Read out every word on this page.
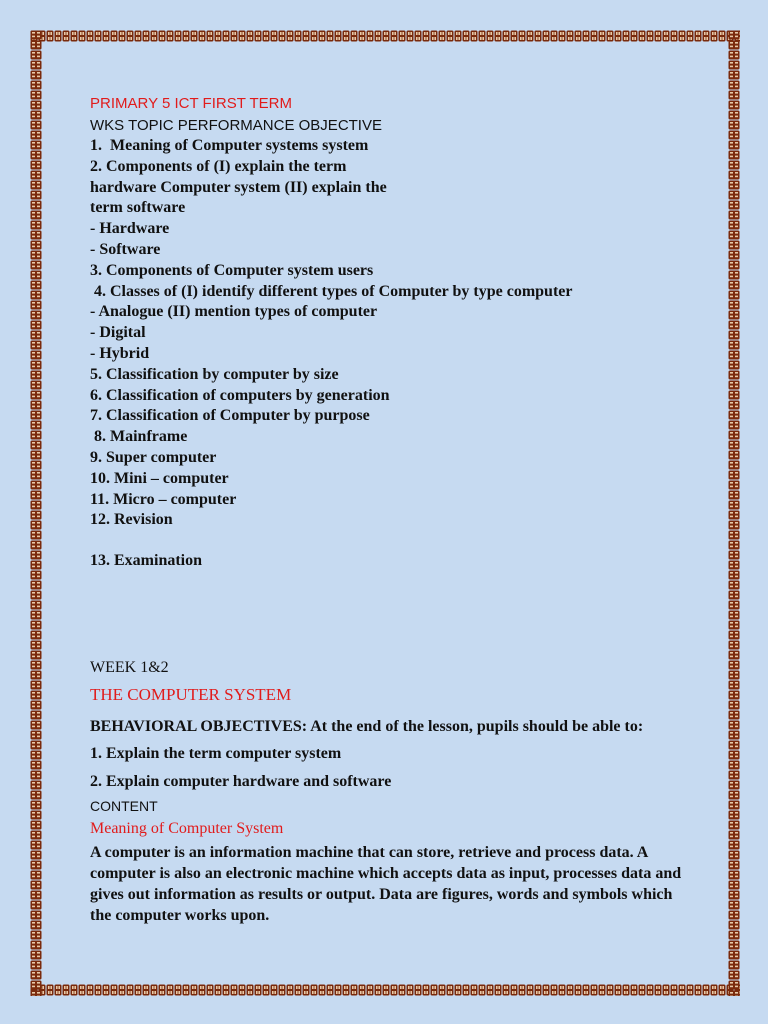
PRIMARY 5 ICT FIRST TERM
WKS TOPIC PERFORMANCE OBJECTIVE
1.  Meaning of Computer systems system
2. Components of (I) explain the term
hardware Computer system (II) explain the
term software
- Hardware
- Software
3. Components of Computer system users
4. Classes of (I) identify different types of Computer by type computer
- Analogue (II) mention types of computer
- Digital
- Hybrid
5. Classification by computer by size
6. Classification of computers by generation
7. Classification of Computer by purpose
8. Mainframe
9. Super computer
10. Mini – computer
11. Micro – computer
12. Revision
13. Examination
WEEK 1&2
THE COMPUTER SYSTEM
BEHAVIORAL OBJECTIVES: At the end of the lesson, pupils should be able to:
1. Explain the term computer system
2. Explain computer hardware and software
CONTENT
Meaning of Computer System
A computer is an information machine that can store, retrieve and process data. A computer is also an electronic machine which accepts data as input, processes data and gives out information as results or output. Data are figures, words and symbols which the computer works upon.
